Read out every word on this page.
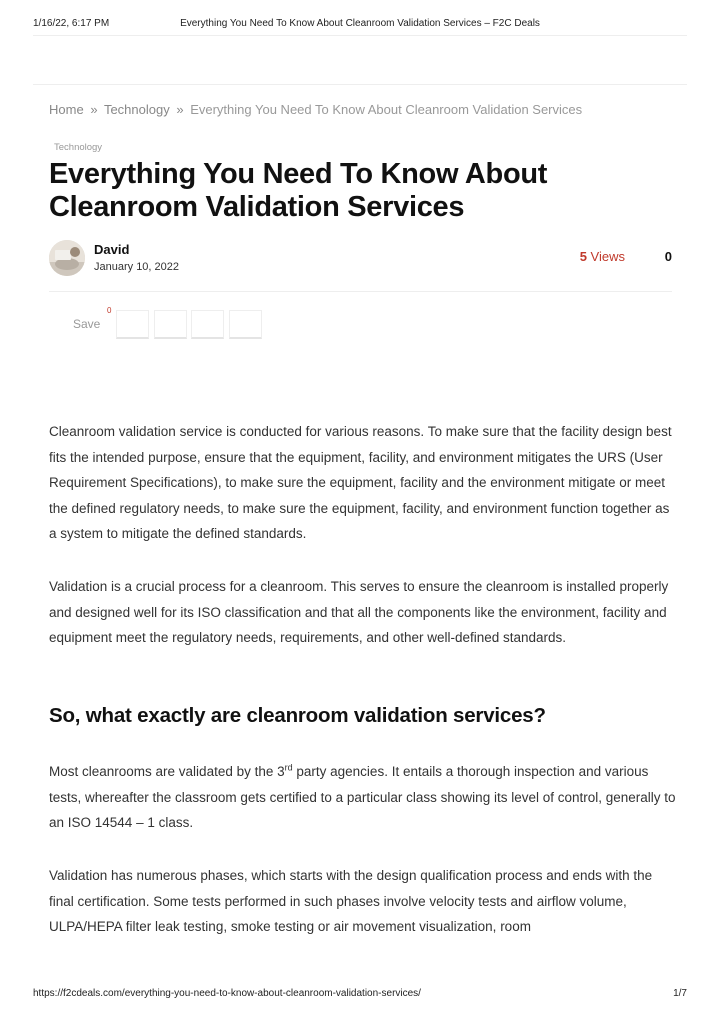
1/16/22, 6:17 PM	Everything You Need To Know About Cleanroom Validation Services – F2C Deals
Home » Technology » Everything You Need To Know About Cleanroom Validation Services
Technology
Everything You Need To Know About
Cleanroom Validation Services
David
January 10, 2022
5 Views	0
0
Save

Cleanroom validation service is conducted for various reasons. To make sure that the facility design best fits the intended purpose, ensure that the equipment, facility, and environment mitigates the URS (User Requirement Specifications), to make sure the equipment, facility and the environment mitigate or meet the defined regulatory needs, to make sure the equipment, facility, and environment function together as a system to mitigate the defined standards.

Validation is a crucial process for a cleanroom. This serves to ensure the cleanroom is installed properly and designed well for its ISO classification and that all the components like the environment, facility and equipment meet the regulatory needs, requirements, and other well-defined standards.

So, what exactly are cleanroom validation services?

Most cleanrooms are validated by the 3rd party agencies. It entails a thorough inspection and various tests, whereafter the classroom gets certified to a particular class showing its level of control, generally to an ISO 14544 – 1 class.

Validation has numerous phases, which starts with the design qualification process and ends with the final certification. Some tests performed in such phases involve velocity tests and airflow volume, ULPA/HEPA filter leak testing, smoke testing or air movement visualization, room

https://f2cdeals.com/everything-you-need-to-know-about-cleanroom-validation-services/	1/7
